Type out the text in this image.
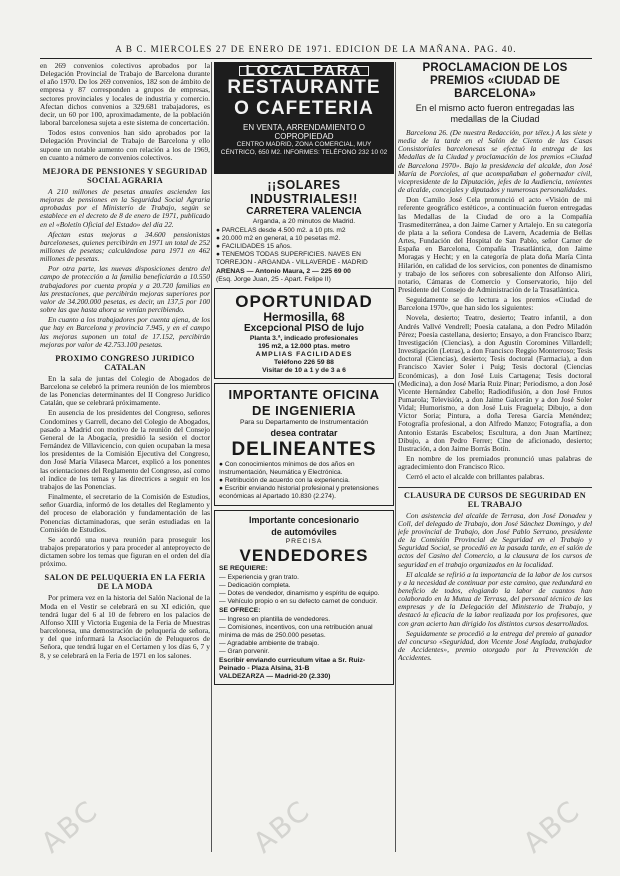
A B C. MIERCOLES 27 DE ENERO DE 1971. EDICION DE LA MAÑANA. PAG. 40.

en 269 convenios colectivos aprobados por la Delegación Provincial de Trabajo de Barcelona durante el año 1970. De los 269 convenios, 182 son de ámbito de empresa y 87 corresponden a grupos de empresas, sectores provinciales y locales de industria y comercio. Afectan dichos convenios a 329.681 trabajadores, es decir, un 60 por 100, aproximadamente, de la población laboral barcelonesa sujeta a este sistema de concertación.

Todos estos convenios han sido aprobados por la Delegación Provincial de Trabajo de Barcelona y ello supone un notable aumento con relación a los de 1969, en cuanto a número de convenios colectivos.

MEJORA DE PENSIONES Y SEGURIDAD SOCIAL AGRARIA

A 210 millones de pesetas anuales ascienden las mejoras de pensiones en la Seguridad Social Agraria aprobadas por el Ministerio de Trabajo, según se establece en el decreto de 8 de enero de 1971, publicado en el «Boletín Oficial del Estado» del día 22.

Afectan estas mejoras a 34.600 pensionistas barceloneses, quienes percibirán en 1971 un total de 252 millones de pesetas; calculándose para 1971 en 462 millones de pesetas.

Por otra parte, las nuevas disposiciones dentro del campo de protección a la familia beneficiarán a 10.550 trabajadores por cuenta propia y a 20.720 familias en las prestaciones, que percibirán mejoras superiores por valor de 34.200.000 pesetas, es decir, un 137,5 por 100 sobre las que hasta ahora se venían percibiendo.

En cuanto a los trabajadores por cuenta ajena, de los que hay en Barcelona y provincia 7.945, y en el campo las mejoras suponen un total de 17.152, percibirán mejoras por valor de 42.753.100 pesetas.

PROXIMO CONGRESO JURIDICO CATALAN

En la sala de juntas del Colegio de Abogados de Barcelona se celebró la primera reunión de los miembros de las Ponencias determinantes del II Congreso Jurídico Catalán, que se celebrará próximamente.

En ausencia de los presidentes del Congreso, señores Condomines y Garrell, decano del Colegio de Abogados, pasado a Madrid con motivo de la reunión del Consejo General de la Abogacía, presidió la sesión el doctor Fernández de Villavicencio, con quien ocupaban la mesa los presidentes de la Comisión Ejecutiva del Congreso, don José María Vilaseca Marcet, explicó a los ponentes las orientaciones del Reglamento del Congreso, así como el índice de los temas y las directrices a seguir en los trabajos de las Ponencias.

Finalmente, el secretario de la Comisión de Estudios, señor Guardia, informó de los detalles del Reglamento y del proceso de elaboración y fundamentación de las Ponencias dictaminadoras, que serán estudiadas en la Comisión de Estudios.

Se acordó una nueva reunión para proseguir los trabajos preparatorios y para proceder al anteproyecto de dictamen sobre los temas que figuran en el orden del día próximo.

SALON DE PELUQUERIA EN LA FERIA DE LA MODA

Por primera vez en la historia del Salón Nacional de la Moda en el Vestir se celebrará en su XI edición, que tendrá lugar del 6 al 10 de febrero en los palacios de Alfonso XIII y Victoria Eugenia de la Feria de Muestras barcelonesa, una demostración de peluquería de señora, y del que informará la Asociación de Peluqueros de Señora, que tendrá lugar en el Certamen y los días 6, 7 y 8, y se celebrará en la Feria de 1971 en los salones.

LOCAL PARA
RESTAURANTE O CAFETERIA
EN VENTA, ARRENDAMIENTO O COPROPIEDAD
CENTRO MADRID, ZONA COMERCIAL, MUY CÉNTRICO, 650 M2. INFORMES: TELÉFONO 232 10 02
¡¡SOLARES INDUSTRIALES!!
CARRETERA VALENCIA
Arganda, a 20 minutos de Madrid.
● PARCELAS desde 4.500 m2. a 10 pts. m2
● 20.000 m2 en general, a 10 pesetas m2.
● FACILIDADES 15 años.
● TENEMOS TODAS SUPERFICIES. NAVES EN TORREJON - ARGANDA - VILLAVERDE - MADRID
ARENAS — Antonio Maura, 2 — 225 69 00
(Esq. Jorge Juan, 25 - Apart. Felipe II)
OPORTUNIDAD
Hermosilla, 68
Excepcional PISO de lujo
Planta 3.ª, indicado profesionales
195 m2, a 12.000 ptas. metro
AMPLIAS FACILIDADES
Teléfono 226 59 88
Visitar de 10 a 1 y de 3 a 6
IMPORTANTE OFICINA DE INGENIERIA
Para su Departamento de Instrumentación
desea contratar
DELINEANTES
● Con conocimientos mínimos de dos años en Instrumentación, Neumática y Electrónica.
● Retribución de acuerdo con la experiencia.
● Escribir enviando historial profesional y pretensiones económicas al Apartado 10.830 (2.274).
Importante concesionario
de automóviles
PRECISA
VENDEDORES
SE REQUIERE:
— Experiencia y gran trato.
— Dedicación completa.
— Dotes de vendedor, dinamismo y espíritu de equipo.
— Vehículo propio o en su defecto carnet de conducir.
SE OFRECE:
— Ingreso en plantilla de vendedores.
— Comisiones, incentivos, con una retribución anual mínima de más de 250.000 pesetas.
— Agradable ambiente de trabajo.
— Gran porvenir.
Escribir enviando curriculum vitae a Sr. Ruiz-Peinado - Plaza Alsina, 31-B
VALDEZARZA — Madrid-20 (2.330)
PROCLAMACION DE LOS PREMIOS «CIUDAD DE BARCELONA»
En el mismo acto fueron entregadas las medallas de la Ciudad

Barcelona 26. (De nuestra Redacción, por télex.) A las siete y media de la tarde en el Salón de Ciento de las Casas Consistoriales barcelonesas se efectuó la entrega de las Medallas de la Ciudad y proclamación de los premios «Ciudad de Barcelona 1970». Bajo la presidencia del alcalde, don José María de Porcioles, al que acompañaban el gobernador civil, vicepresidente de la Diputación, jefes de la Audiencia, tenientes de alcalde, concejales y diputados y numerosas personalidades.

Don Camilo José Cela pronunció el acto «Visión de mi referente geográfico estético», a continuación fueron entregadas las Medallas de la Ciudad de oro a la Compañía Trasmediterránea, a don Jaime Carner y Artalejo. En su categoría de plata a la señora Condesa de Lavern, Academia de Bellas Artes, Fundación del Hospital de San Pablo, señor Carner de España en Barcelona, Compañía Trasatlántica, don Jaime Moragas y Hecht; y en la categoría de plata doña María Cinta Hilarión, en calidad de los servicios, con ponentes de dinamismo y trabajo de los señores con sobresaliente don Alfonso Aliri, notario, Cámaras de Comercio y Conservatorio, hijo del Presidente del Consejo de Administración de la Trasatlántica.

Seguidamente se dio lectura a los premios «Ciudad de Barcelona 1970», que han sido los siguientes:

Novela, desierto; Teatro, desierto; Teatro infantil, a don Andrés Vallvé Vendrell; Poesía catalana, a don Pedro Miladón Pérez; Poesía castellana, desierto; Ensayo, a don Francisco Ibarz; Investigación (Ciencias), a don Agustín Coromines Villardell; Investigación (Letras), a don Francisco Reggio Monterroso; Tesis doctoral (Ciencias), desierto; Tesis doctoral (Farmacia), a don Francisco Xavier Soler i Puig; Tesis doctoral (Ciencias Económicas), a don José Luis Cartagena; Tesis doctoral (Medicina), a don José María Ruiz Pinar; Periodismo, a don José Vicente Hernández Cabello; Radiodifusión, a don José Frutos Pumarola; Televisión, a don Jaime Galcerán y a don José Soler Vidal; Humorismo, a don José Luis Fraguela; Dibujo, a don Víctor Soria; Pintura, a doña Teresa García Menéndez; Fotografía profesional, a don Alfredo Manzo; Fotografía, a don Antonio Estarás Escabelos; Escultura, a don Juan Martínez; Dibujo, a don Pedro Ferrer; Cine de aficionado, desierto; Ilustración, a don Jaime Borrás Botín.

En nombre de los premiados pronunció unas palabras de agradecimiento don Francisco Rico.

Cerró el acto el alcalde con brillantes palabras.

CLAUSURA DE CURSOS DE SEGURIDAD EN EL TRABAJO

Con asistencia del alcalde de Terrasa, don José Donadeu y Coll, del delegado de Trabajo, don José Sánchez Domingo, y del jefe provincial de Trabajo, don José Pablo Serrano, presidente de la Comisión Provincial de Seguridad en el Trabajo y Seguridad Social, se procedió en la pasada tarde, en el salón de actos del Casino del Comercio, a la clausura de los cursos de seguridad en el trabajo organizados en la localidad.

El alcalde se refirió a la importancia de la labor de los cursos y a la necesidad de continuar por este camino, que redundará en beneficio de todos, elogiando la labor de cuantos han colaborado en la Mutua de Terrasa, del personal técnico de las empresas y de la Delegación del Ministerio de Trabajo, y destacó la eficacia de la labor realizada por los profesores, que con gran acierto han dirigido los distintos cursos desarrollados.

Seguidamente se procedió a la entrega del premio al ganador del concurso «Seguridad, don Vicente José Anglada, trabajador de Accidentes», premio otorgado por la Prevención de Accidentes.

ABC	ABC	ABC
